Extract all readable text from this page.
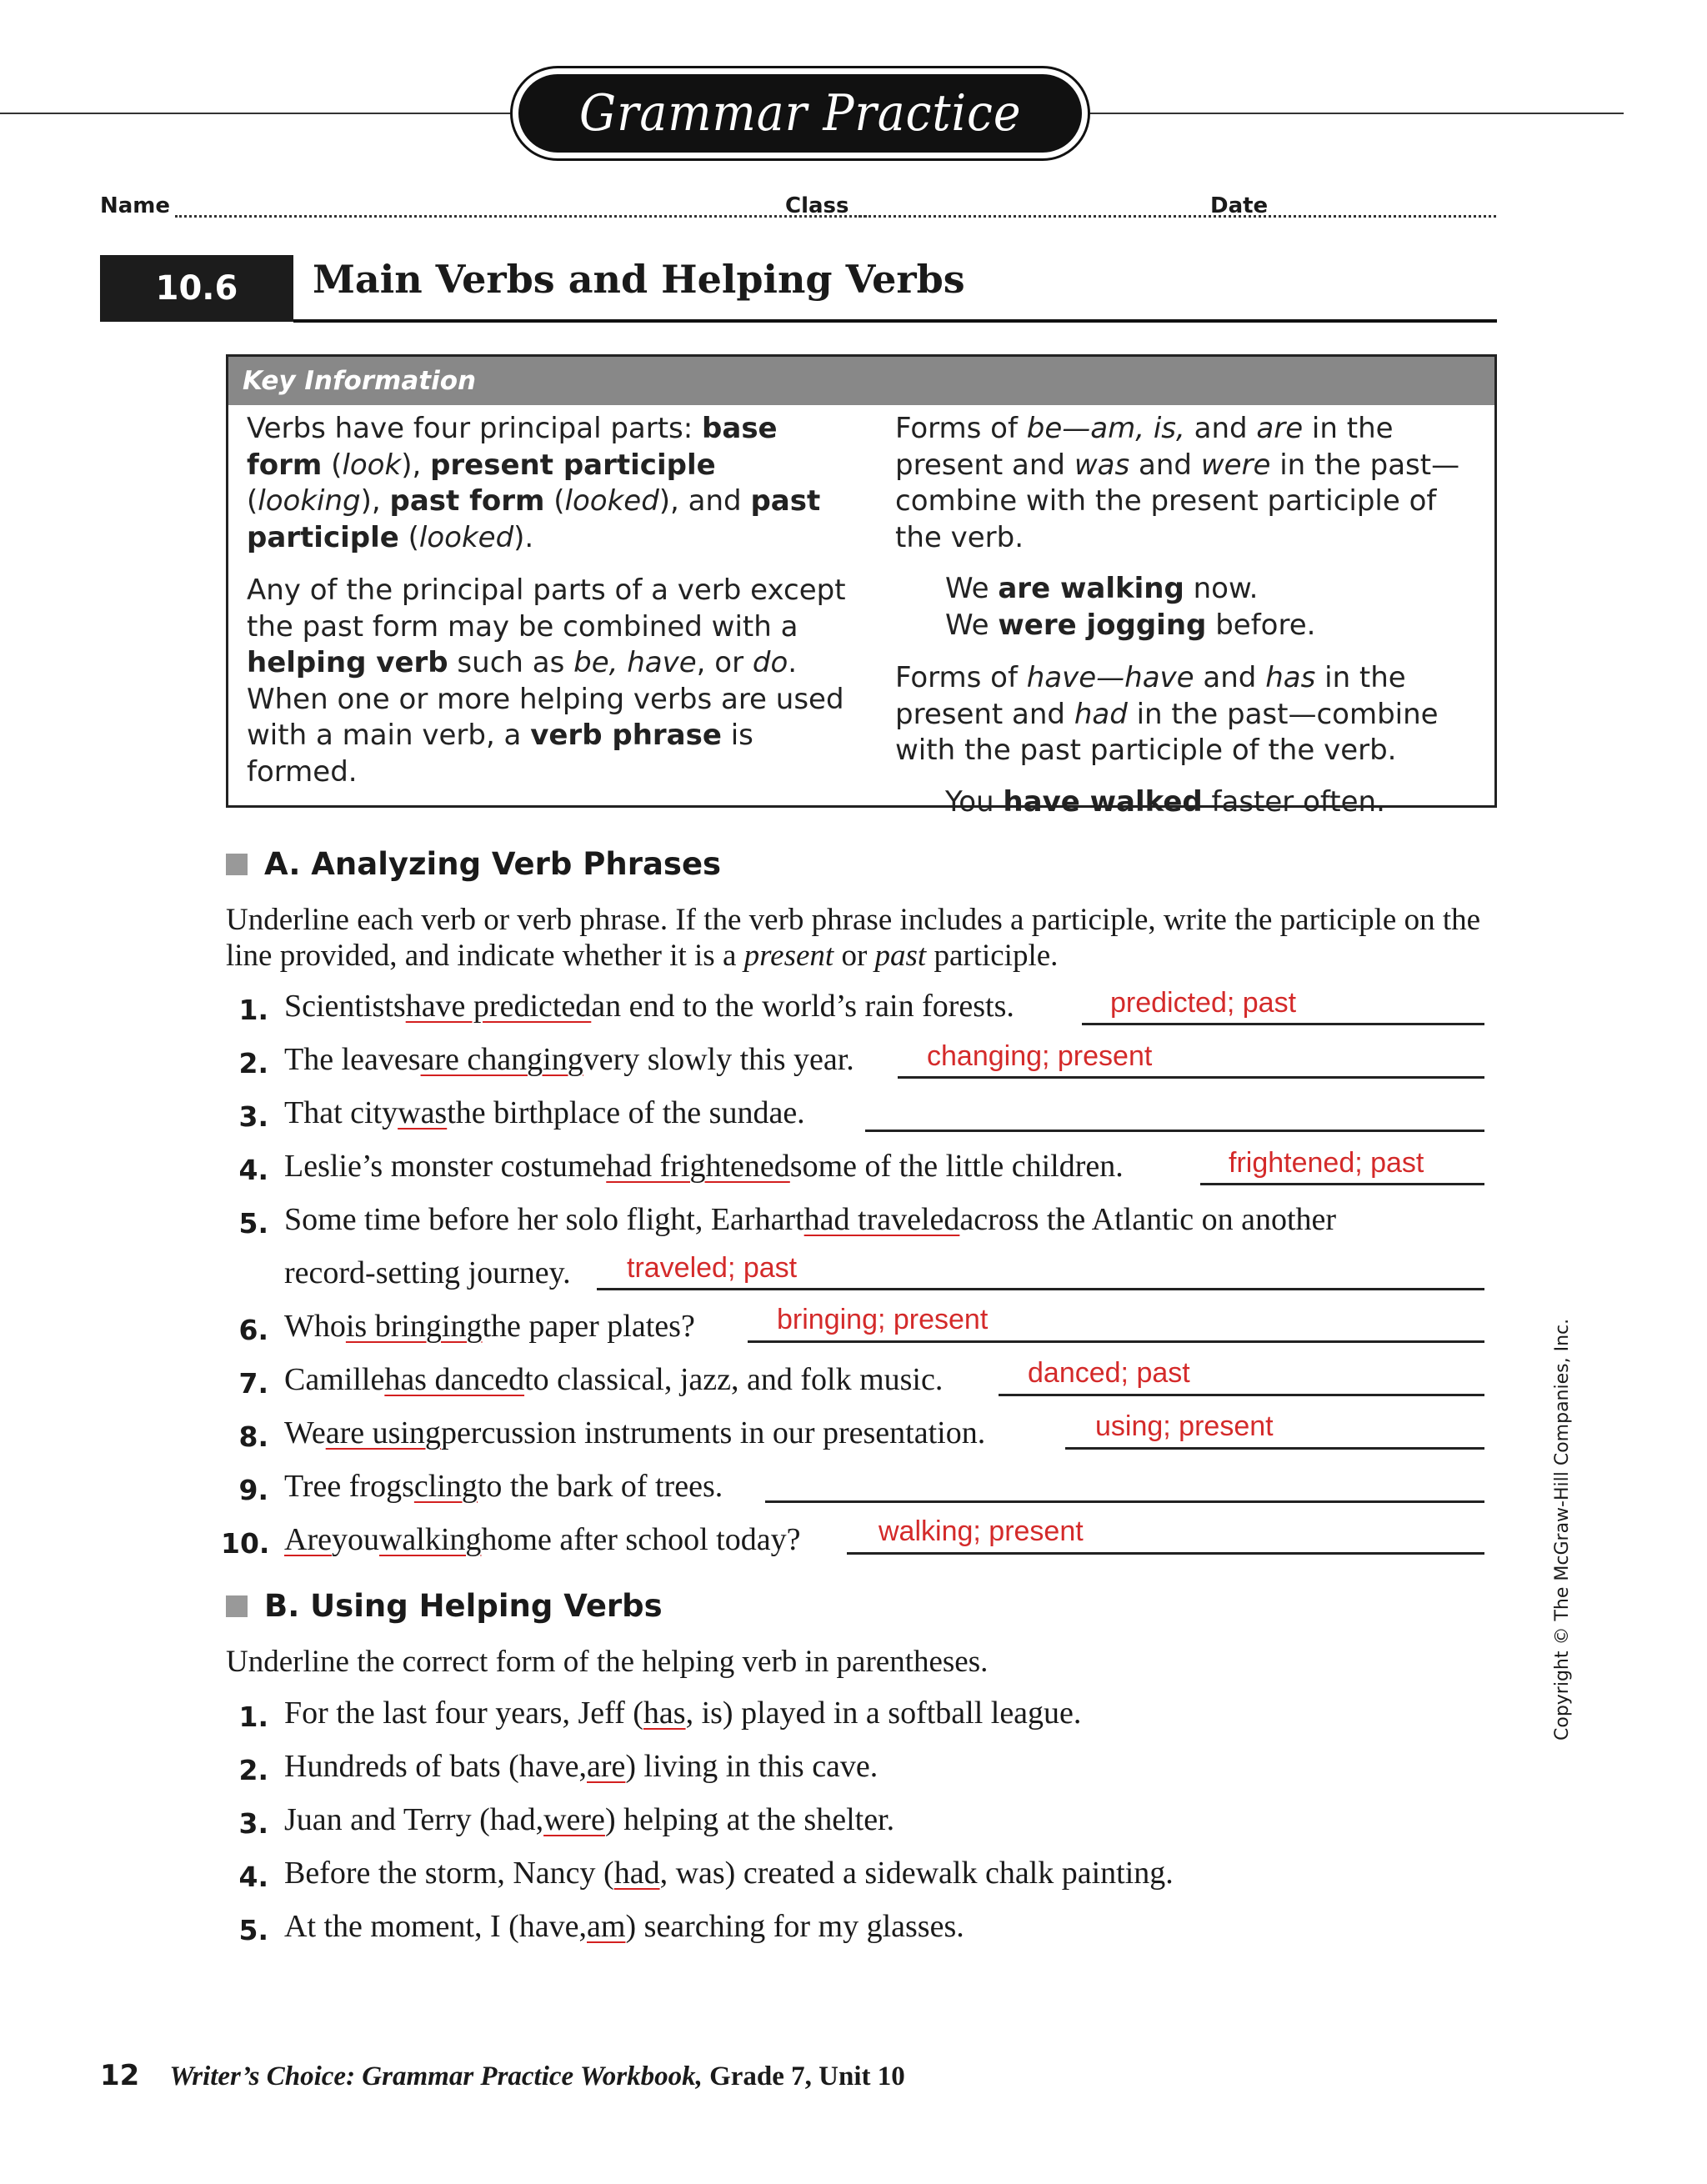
Grammar Practice
Name	Class	Date
10.6	Main Verbs and Helping Verbs
Key Information

Verbs have four principal parts: base form (look), present participle (looking), past form (looked), and past participle (looked).

Any of the principal parts of a verb except the past form may be combined with a helping verb such as be, have, or do. When one or more helping verbs are used with a main verb, a verb phrase is formed.

Forms of be—am, is, and are in the present and was and were in the past—combine with the present participle of the verb.

We are walking now.

We were jogging before.

Forms of have—have and has in the present and had in the past—combine with the past participle of the verb.

You have walked faster often.

A. Analyzing Verb Phrases
Underline each verb or verb phrase. If the verb phrase includes a participle, write the participle on the line provided, and indicate whether it is a present or past participle.
1. Scientists have predicted an end to the world’s rain forests.	predicted; past
2. The leaves are changing very slowly this year.	changing; present
3. That city was the birthplace of the sundae.
4. Leslie’s monster costume had frightened some of the little children.	frightened; past
5. Some time before her solo flight, Earhart had traveled across the Atlantic on another
record-setting journey. traveled; past
6. Who is bringing the paper plates?	bringing; present
7. Camille has danced to classical, jazz, and folk music.	danced; past
8. We are using percussion instruments in our presentation.	using; present
9. Tree frogs cling to the bark of trees.
10. Are you walking home after school today?	walking; present
B. Using Helping Verbs
Underline the correct form of the helping verb in parentheses.
1. For the last four years, Jeff ( has , is) played in a softball league.
2. Hundreds of bats (have, are ) living in this cave.
3. Juan and Terry (had, were ) helping at the shelter.
4. Before the storm, Nancy ( had , was) created a sidewalk chalk painting.
5. At the moment, I (have, am ) searching for my glasses.
12 Writer’s Choice: Grammar Practice Workbook, Grade 7, Unit 10
Copyright © The McGraw-Hill Companies, Inc.
